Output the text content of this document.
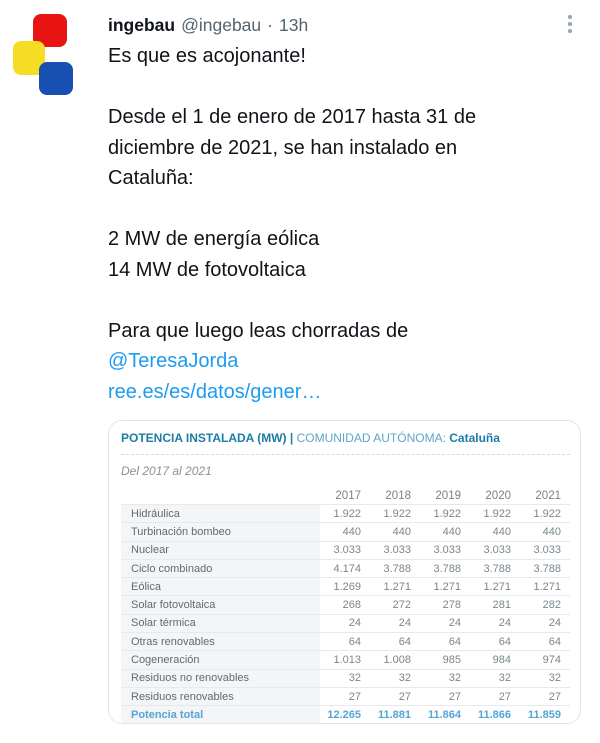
ingebau @ingebau · 13h
Es que es acojonante!

Desde el 1 de enero de 2017 hasta 31 de
diciembre de 2021, se han instalado en
Cataluña:

2 MW de energía eólica
14 MW de fotovoltaica

Para que luego leas chorradas de
@TeresaJorda
ree.es/es/datos/gener…
POTENCIA INSTALADA (MW) | COMUNIDAD AUTÓNOMA: Cataluña
Del 2017 al 2021
2017	2018	2019	2020	2021
Hidráulica	1.922	1.922	1.922	1.922	1.922
Turbinación bombeo	440	440	440	440	440
Nuclear	3.033	3.033	3.033	3.033	3.033
Ciclo combinado	4.174	3.788	3.788	3.788	3.788
Eólica	1.269	1.271	1.271	1.271	1.271
Solar fotovoltaica	268	272	278	281	282
Solar térmica	24	24	24	24	24
Otras renovables	64	64	64	64	64
Cogeneración	1.013	1.008	985	984	974
Residuos no renovables	32	32	32	32	32
Residuos renovables	27	27	27	27	27
Potencia total	12.265	11.881	11.864	11.866	11.859
